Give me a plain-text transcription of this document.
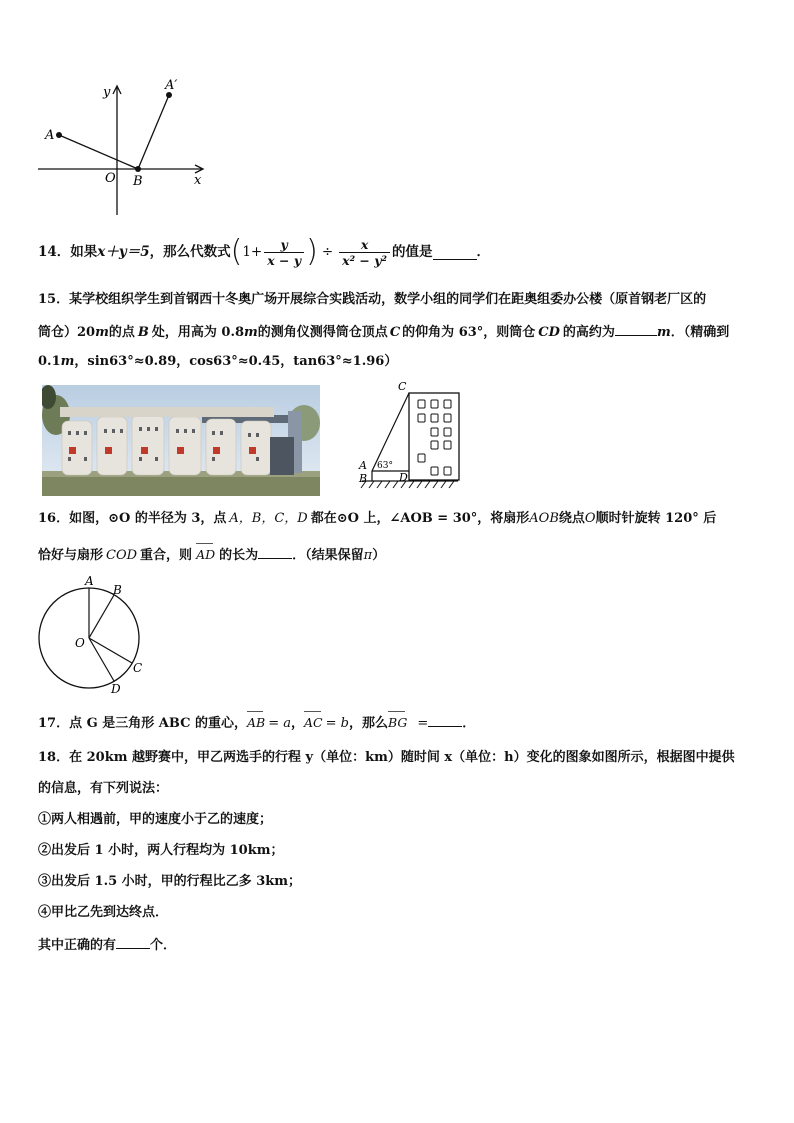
y
x
O
A
A′
B
14．如果 x＋y＝5 ，那么代数式 ( $1+ \frac{y}{x - y}$ ) ÷ $\frac{x}{\text{x² − y²}}$ 的值是	．
15．某学校组织学生到首钢西十冬奥广场开展综合实践活动，数学小组的同学们在距奥组委办公楼（原首钢老厂区的
筒仓）20m的点 B 处，用高为 0.8m的测角仪测得筒仓顶点 C 的仰角为 63°，则筒仓 CD 的高约为	m．（精确到
0.1m，sin63°≈0.89，cos63°≈0.45，tan63°≈1.96）
C
A
B	D
63°
16．如图，⊙O 的半径为 3，点 A，B，C，D 都在⊙O 上，∠AOB = 30°，将扇形AOB绕点O顺时针旋转 120° 后
恰好与扇形 COD 重合，则 AD 的长为	．（结果保留π）
A
B
O
C
D
17．点 G 是三角形 ABC 的重心，AB = a，AC = b，那么BG =	．
18．在 20km 越野赛中，甲乙两选手的行程 y（单位：km）随时间 x（单位：h）变化的图象如图所示，根据图中提供
的信息，有下列说法：
①两人相遇前，甲的速度小于乙的速度；
②出发后 1 小时，两人行程均为 10km；
③出发后 1.5 小时，甲的行程比乙多 3km；
④甲比乙先到达终点．
其中正确的有	个．
